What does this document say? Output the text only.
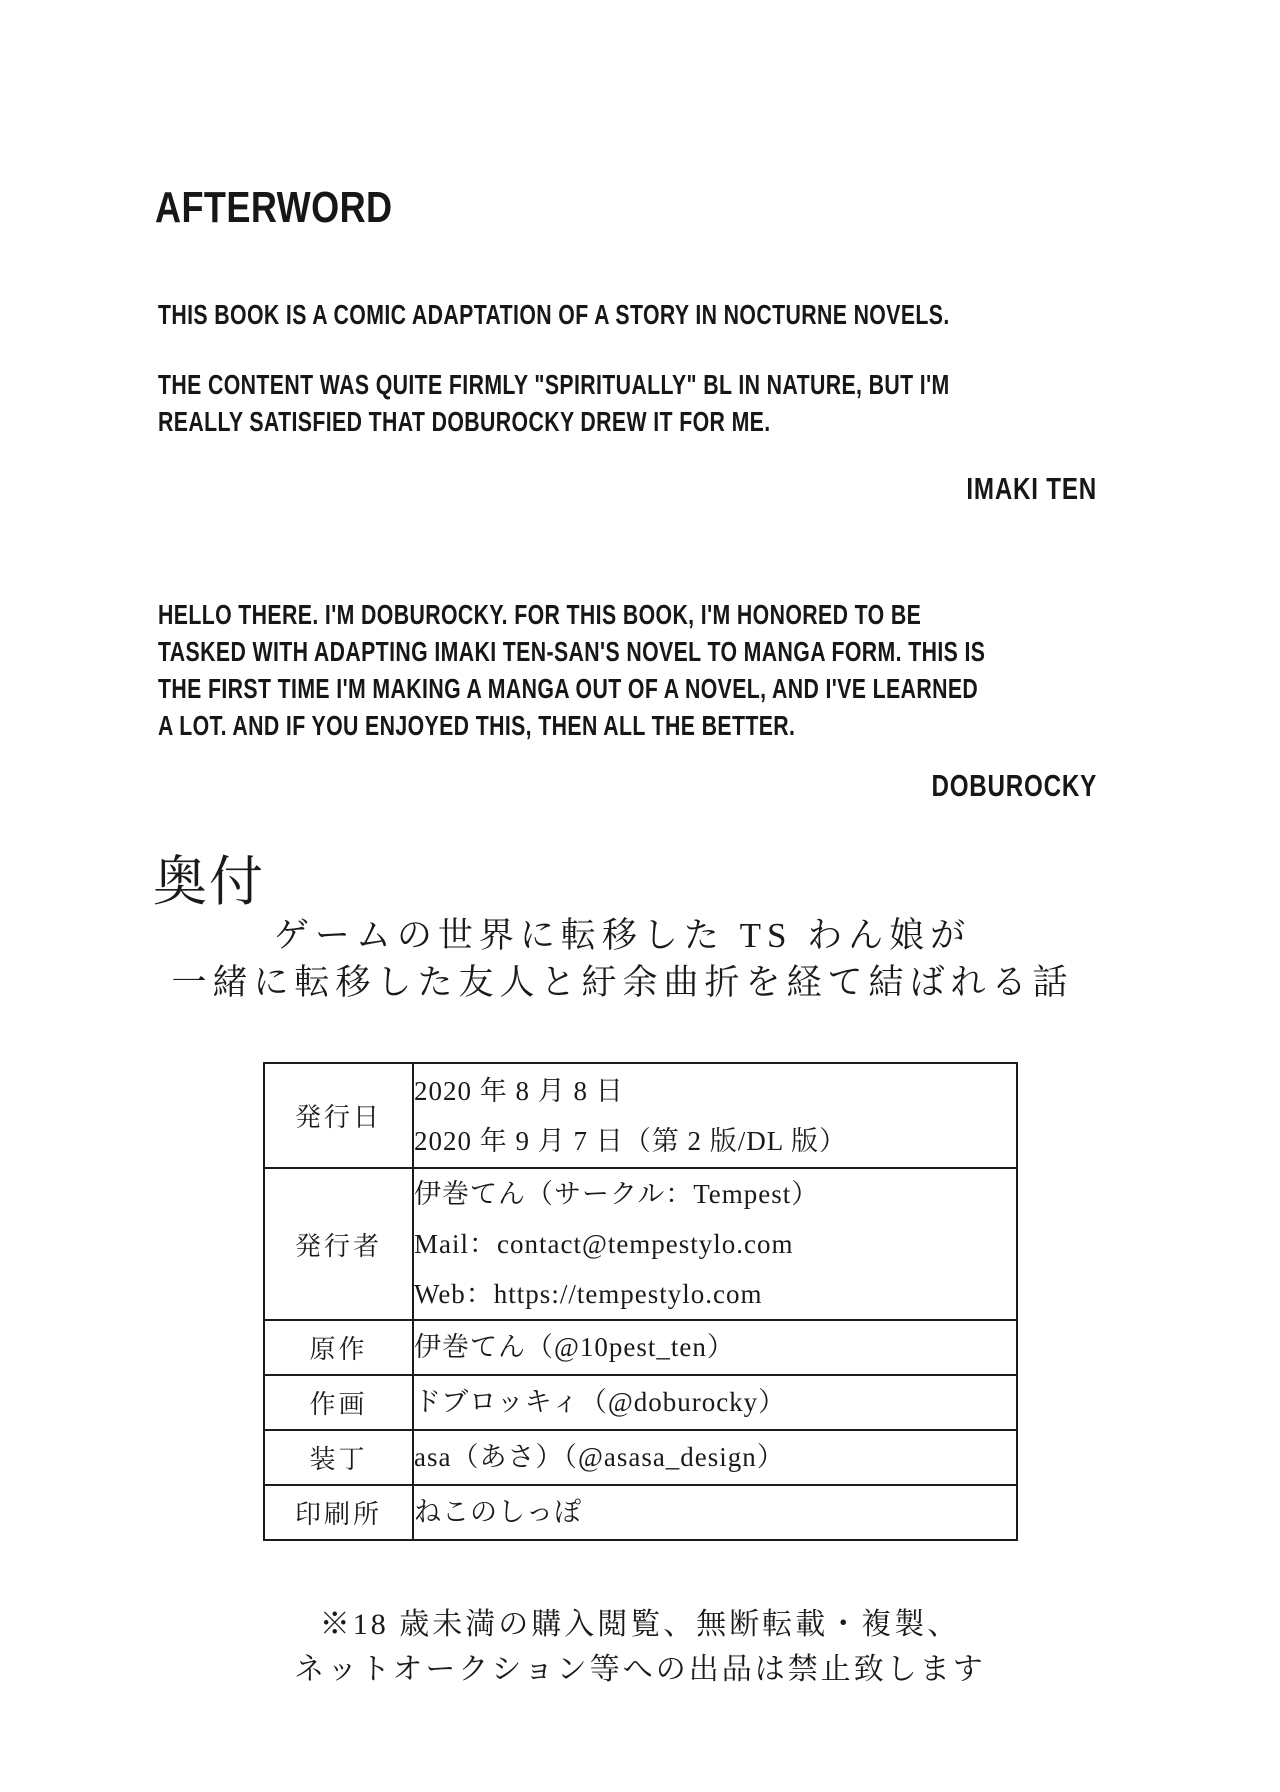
AFTERWORD
THIS BOOK IS A COMIC ADAPTATION OF A STORY IN NOCTURNE NOVELS.
THE CONTENT WAS QUITE FIRMLY "SPIRITUALLY" BL IN NATURE, BUT I'M
REALLY SATISFIED THAT DOBUROCKY DREW IT FOR ME.
IMAKI TEN
HELLO THERE. I'M DOBUROCKY. FOR THIS BOOK, I'M HONORED TO BE
TASKED WITH ADAPTING IMAKI TEN-SAN'S NOVEL TO MANGA FORM. THIS IS
THE FIRST TIME I'M MAKING A MANGA OUT OF A NOVEL, AND I'VE LEARNED
A LOT. AND IF YOU ENJOYED THIS, THEN ALL THE BETTER.
DOBUROCKY
奥付
ゲームの世界に転移した TS わん娘が
一緒に転移した友人と紆余曲折を経て結ばれる話
発行日	2020 年 8 月 8 日
2020 年 9 月 7 日（第 2 版/DL 版）

発行者	伊巻てん（サークル：Tempest）
Mail：contact@tempestylo.com
Web：https://tempestylo.com

原作	伊巻てん（@10pest_ten）

作画	ドブロッキィ（@doburocky）

装丁	asa（あさ）（@asasa_design）

印刷所	ねこのしっぽ
※18 歳未満の購入閲覧、無断転載・複製、
ネットオークション等への出品は禁止致します
